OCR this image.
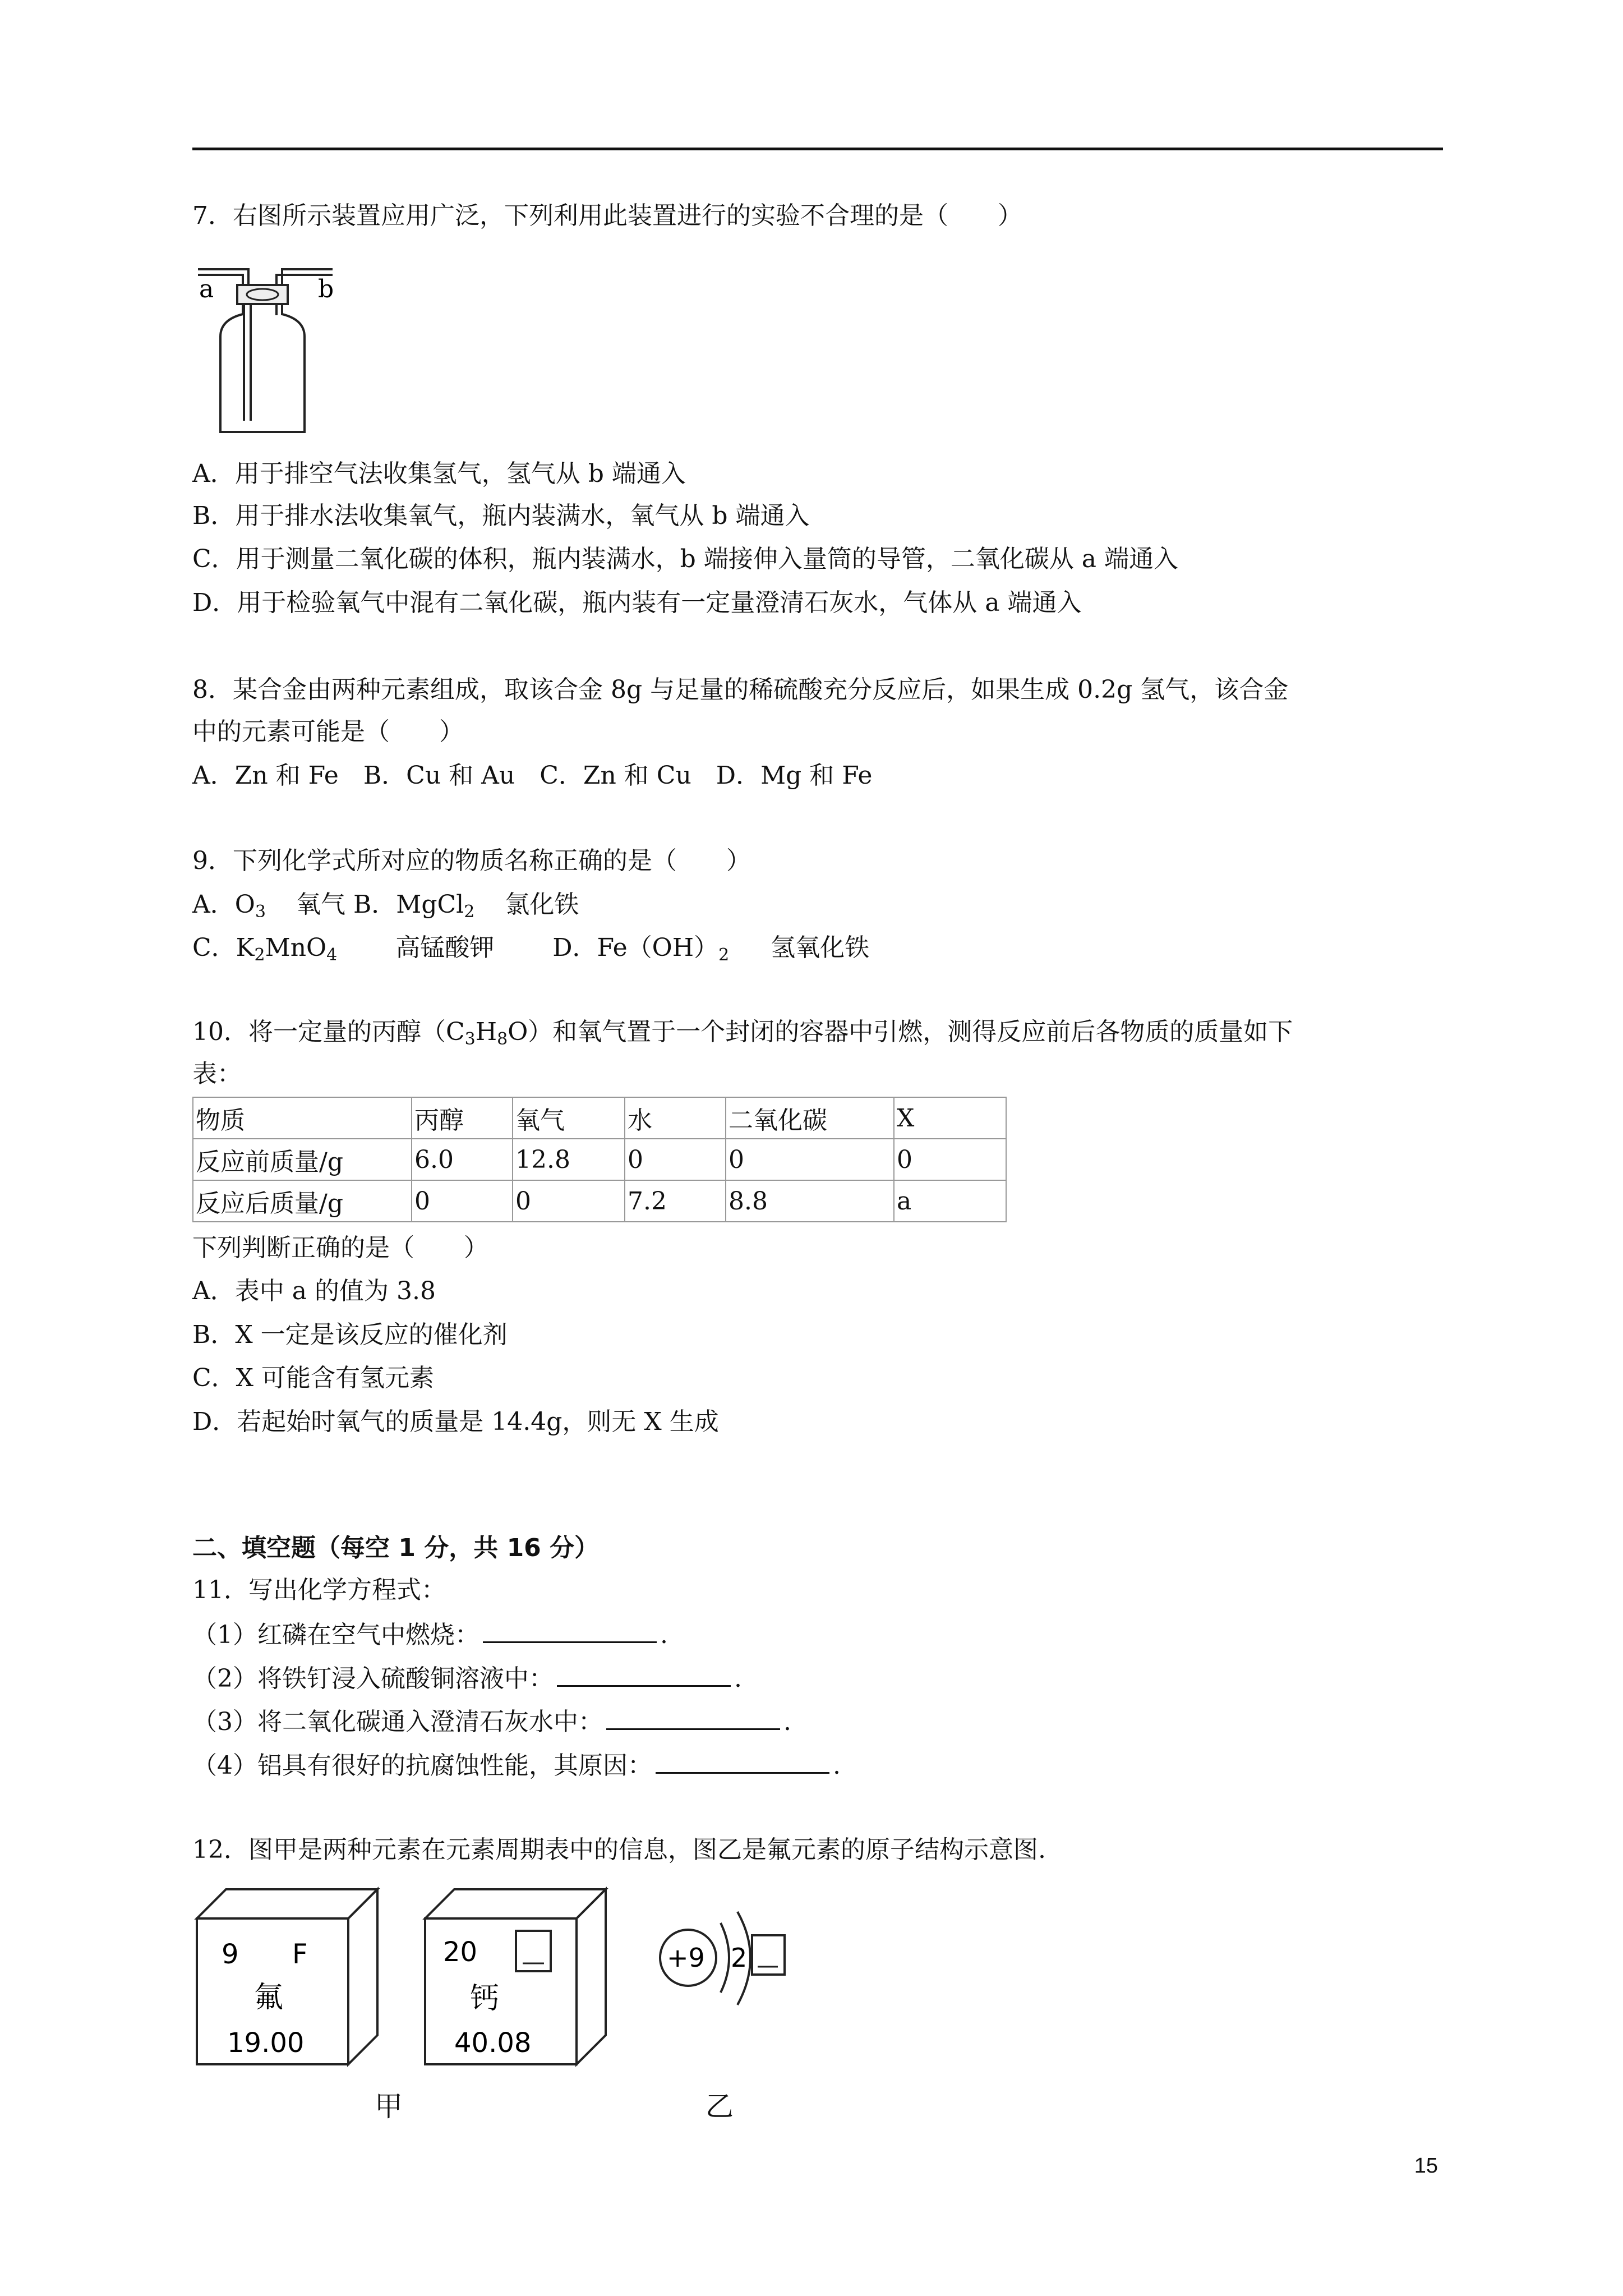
7．右图所示装置应用广泛，下列利用此装置进行的实验不合理的是（　　）
a	b
A．用于排空气法收集氢气，氢气从 b 端通入
B．用于排水法收集氧气，瓶内装满水，氧气从 b 端通入
C．用于测量二氧化碳的体积，瓶内装满水，b 端接伸入量筒的导管，二氧化碳从 a 端通入
D．用于检验氧气中混有二氧化碳，瓶内装有一定量澄清石灰水，气体从 a 端通入
8．某合金由两种元素组成，取该合金 8g 与足量的稀硫酸充分反应后，如果生成 0.2g 氢气，该合金
中的元素可能是（　　）
A．Zn 和 Fe　B．Cu 和 Au　C．Zn 和 Cu　D．Mg 和 Fe
9．下列化学式所对应的物质名称正确的是（　　）
A．$O_3$ 氧气 B．MgCl$_2$ 氯化铁
C．$K_2MnO_4$ 高锰酸钾 D．$Fe(OH)_2$ 氢氧化铁
10．将一定量的丙醇$(C_3H_8O)$和氧气置于一个封闭的容器中引燃，测得反应前后各物质的质量如下
表：
物质	丙醇	氧气	水	二氧化碳	X
反应前质量/g	6.0	12.8	0	0	0
反应后质量/g	0	0	7.2	8.8	a
下列判断正确的是（　　）
A．表中 a 的值为 3.8
B．X 一定是该反应的催化剂
C．X 可能含有氢元素
D．若起始时氧气的质量是 14.4g，则无 X 生成
二、填空题（每空 1 分，共 16 分）
11．写出化学方程式：
（1）红磷在空气中燃烧：	.
（2）将铁钉浸入硫酸铜溶液中：	.
（3）将二氧化碳通入澄清石灰水中：	.
（4）铝具有很好的抗腐蚀性能，其原因：	.
12．图甲是两种元素在元素周期表中的信息，图乙是氟元素的原子结构示意图.
9 F
氟
19.00
20
钙
40.08
+9 2
甲	乙
15
